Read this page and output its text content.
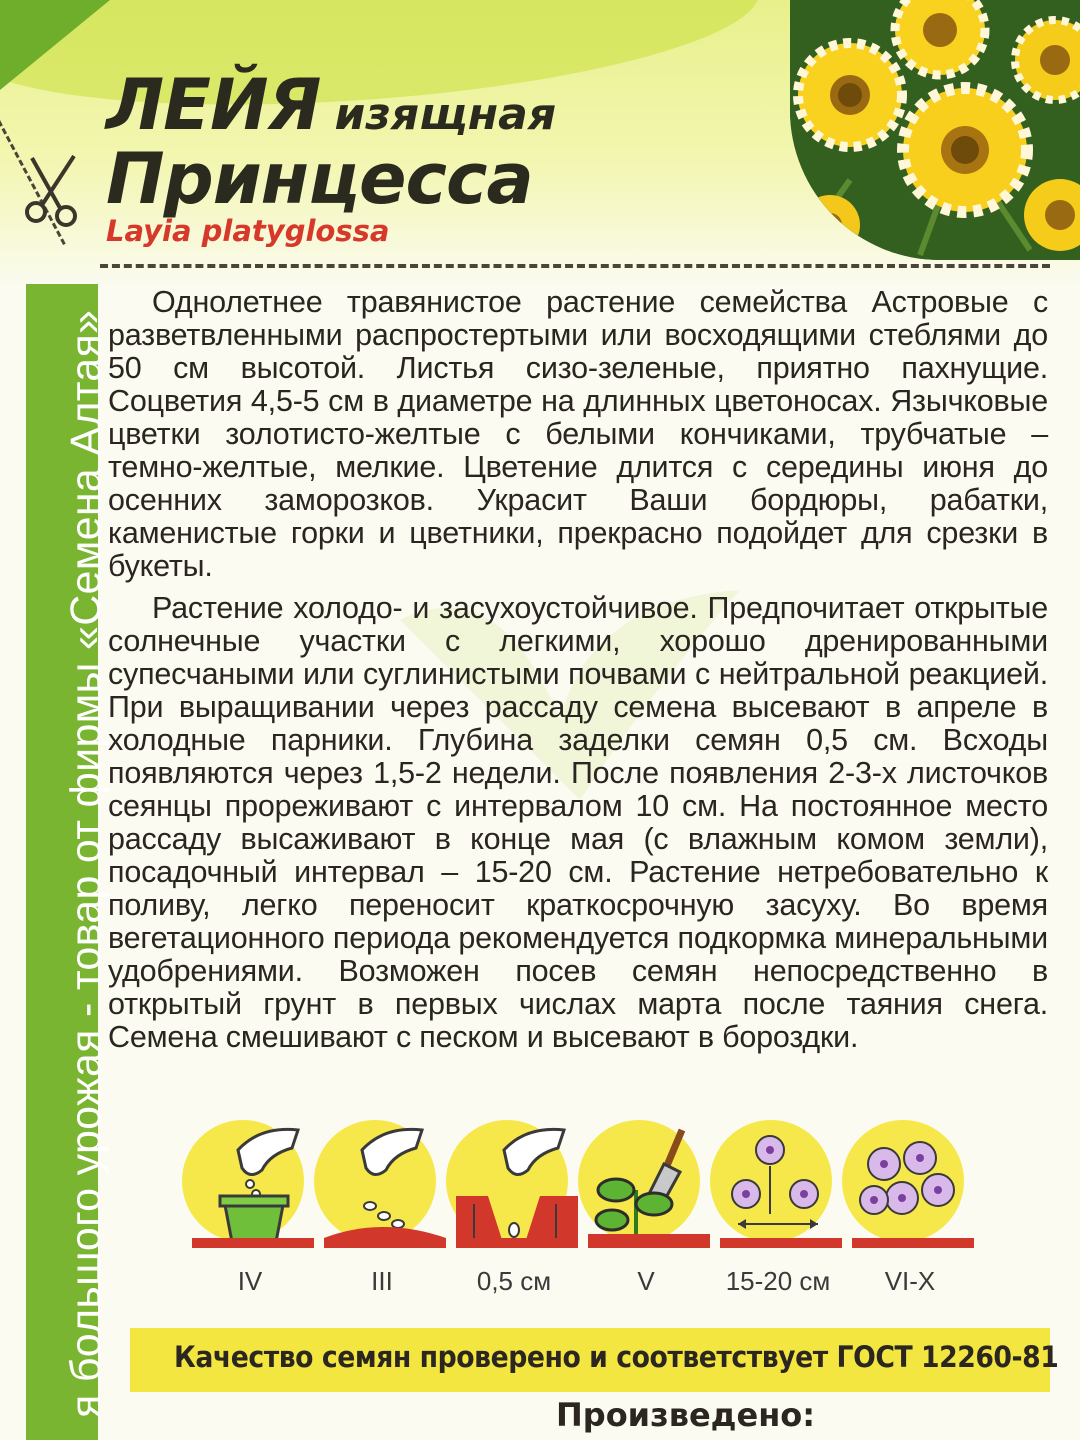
ЛЕЙЯ изящная
Принцесса
Layia platyglossa
я большого урожая - товар от фирмы «Семена Алтая»
Однолетнее травянистое растение семейства Астровые с разветвленными распростертыми или восходящими стеблями до 50 см высотой. Листья сизо-зеленые, приятно пахнущие. Соцветия 4,5-5 см в диаметре на длинных цветоносах. Язычковые цветки золотисто-желтые с белыми кончиками, трубчатые – темно-желтые, мелкие. Цветение длится с середины июня до осенних заморозков. Украсит Ваши бордюры, рабатки, каменистые горки и цветники, прекрасно подойдет для срезки в букеты.
Растение холодо- и засухоустойчивое. Предпочитает открытые солнечные участки с легкими, хорошо дренированными супесчаными или суглинистыми почвами с нейтральной реакцией. При выращивании через рассаду семена высевают в апреле в холодные парники. Глубина заделки семян 0,5 см. Всходы появляются через 1,5-2 недели. После появления 2-3-х листочков сеянцы прореживают с интервалом 10 см. На постоянное место рассаду высаживают в конце мая (с влажным комом земли), посадочный интервал – 15-20 см. Растение нетребовательно к поливу, легко переносит краткосрочную засуху. Во время вегетационного периода рекомендуется подкормка минеральными удобрениями. Возможен посев семян непосредственно в открытый грунт в первых числах марта после таяния снега. Семена смешивают с песком и высевают в бороздки.
IV	III	0,5 см	V	15-20 см	VI-X
Качество семян проверено и соответствует ГОСТ 12260-81
Произведено:
